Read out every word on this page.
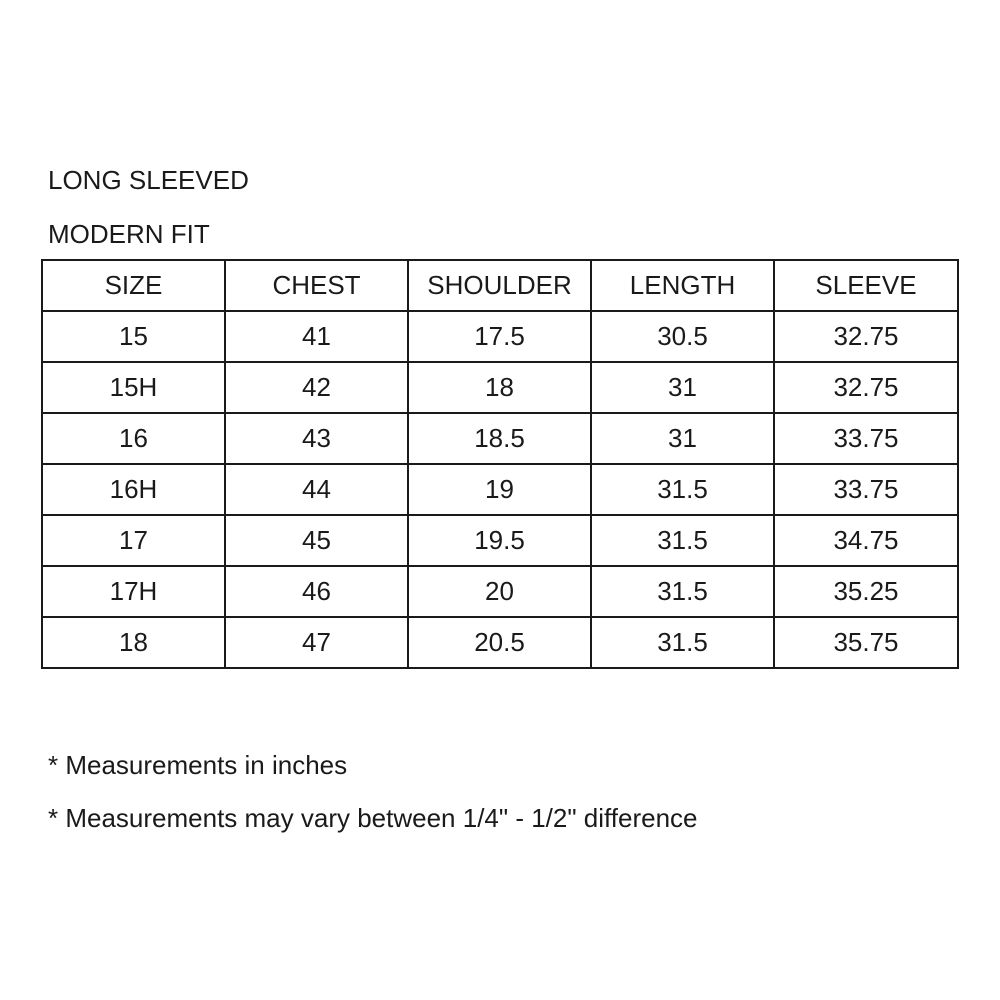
LONG SLEEVED

MODERN FIT

SIZE	CHEST	SHOULDER	LENGTH	SLEEVE
15	41	17.5	30.5	32.75
15H	42	18	31	32.75
16	43	18.5	31	33.75
16H	44	19	31.5	33.75
17	45	19.5	31.5	34.75
17H	46	20	31.5	35.25
18	47	20.5	31.5	35.75

* Measurements in inches

* Measurements may vary between 1/4" - 1/2" difference
